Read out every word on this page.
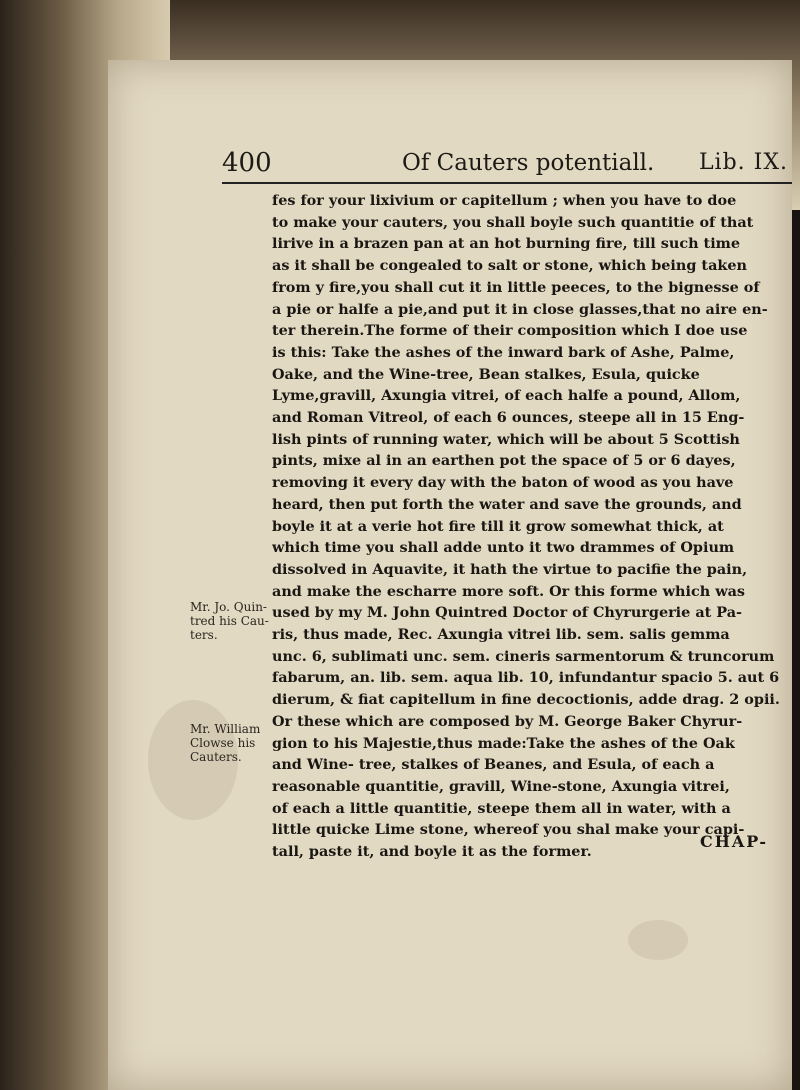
400	Of Cauters potentiall. Lib. IX.

fes for your lixivium or capitellum ; when you have to doe
to make your cauters, you shall boyle such quantitie of that
lirive in a brazen pan at an hot burning fire, till such time
as it shall be congealed to salt or stone, which being taken
from y fire,you shall cut it in little peeces, to the bignesse of
a pie or halfe a pie,and put it in close glasses,that no aire en-
ter therein.The forme of their composition which I doe use
is this: Take the ashes of the inward bark of Ashe, Palme,
Oake, and the Wine-tree, Bean stalkes, Esula, quicke
Lyme,gravill, Axungia vitrei, of each halfe a pound, Allom,
and Roman Vitreol, of each 6 ounces, steepe all in 15 Eng-
lish pints of running water, which will be about 5 Scottish
pints, mixe al in an earthen pot the space of 5 or 6 dayes,
removing it every day with the baton of wood as you have
heard, then put forth the water and save the grounds, and
boyle it at a verie hot fire till it grow somewhat thick, at
which time you shall adde unto it two drammes of Opium
dissolved in Aquavite, it hath the virtue to pacifie the pain,
and make the escharre more soft. Or this forme which was
used by my M. John Quintred Doctor of Chyrurgerie at Pa-
ris, thus made, Rec. Axungia vitrei lib. sem. salis gemma
unc. 6, sublimati unc. sem. cineris sarmentorum & truncorum
fabarum, an. lib. sem. aqua lib. 10, infundantur spacio 5. aut 6
dierum, & fiat capitellum in fine decoctionis, adde drag. 2 opii.
Or these which are composed by M. George Baker Chyrur-
gion to his Majestie,thus made:Take the ashes of the Oak
and Wine- tree, stalkes of Beanes, and Esula, of each a
reasonable quantitie, gravill, Wine-stone, Axungia vitrei,
of each a little quantitie, steepe them all in water, with a
little quicke Lime stone, whereof you shal make your capi-
tall, paste it, and boyle it as the former.

Mr. Jo. Quin-
tred his Cau-
ters.
Mr. William
Clowse his
Cauters.
CHAP-
